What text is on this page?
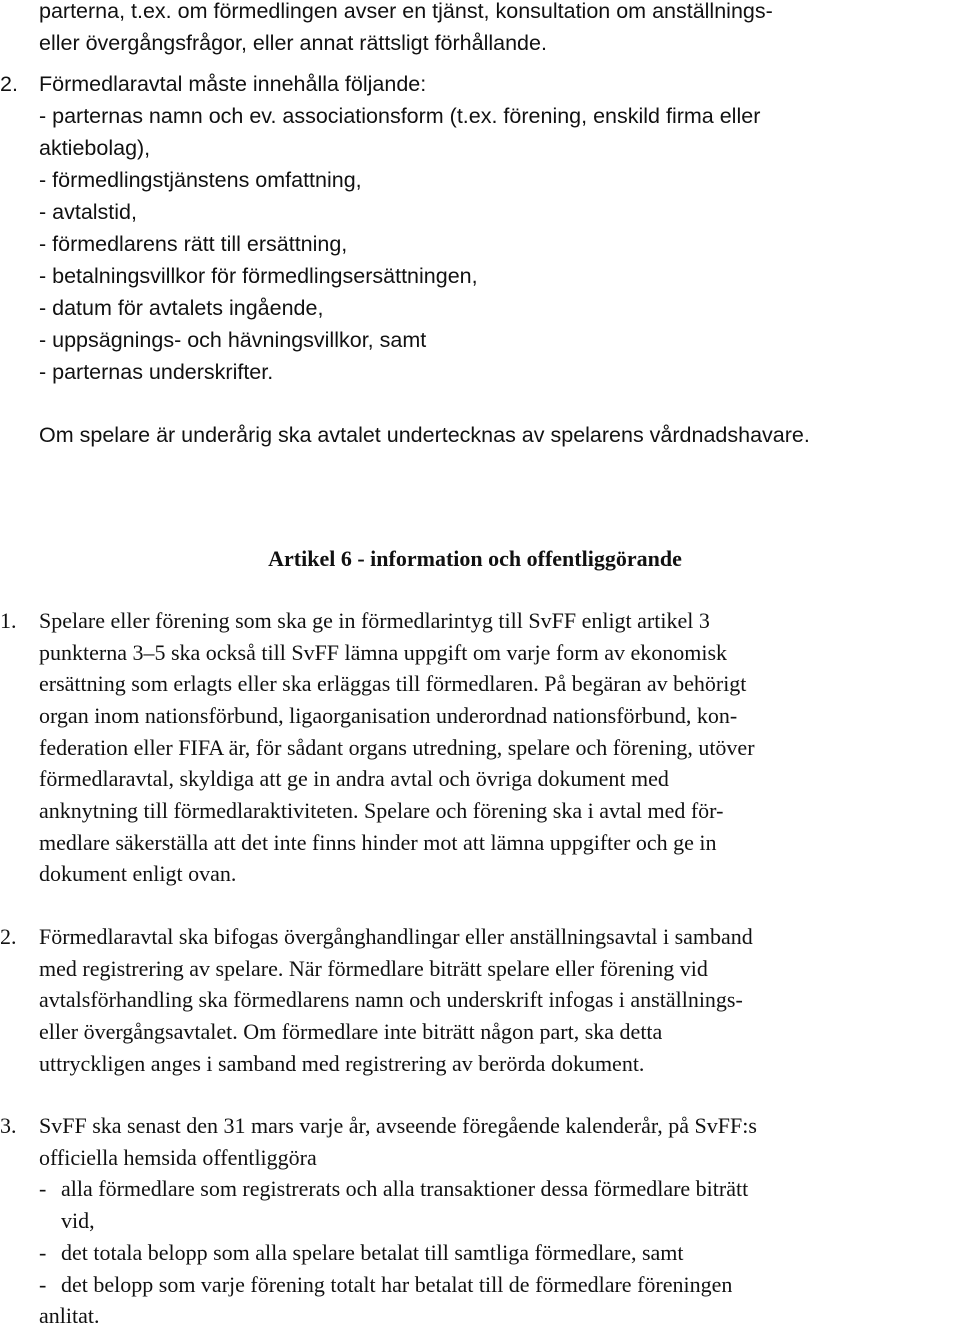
parterna, t.ex. om förmedlingen avser en tjänst, konsultation om anställnings-
eller övergångsfrågor, eller annat rättsligt förhållande.
2. Förmedlaravtal måste innehålla följande:
- parternas namn och ev. associationsform (t.ex. förening, enskild firma eller
aktiebolag),
- förmedlingstjänstens omfattning,
- avtalstid,
- förmedlarens rätt till ersättning,
- betalningsvillkor för förmedlingsersättningen,
- datum för avtalets ingående,
- uppsägnings- och hävningsvillkor, samt
- parternas underskrifter.
Om spelare är underårig ska avtalet undertecknas av spelarens vårdnadshavare.
Artikel 6 - information och offentliggörande
1. Spelare eller förening som ska ge in förmedlarintyg till SvFF enligt artikel 3
punkterna 3–5 ska också till SvFF lämna uppgift om varje form av ekonomisk
ersättning som erlagts eller ska erläggas till förmedlaren. På begäran av behörigt
organ inom nationsförbund, ligaorganisation underordnad nationsförbund, kon-
federation eller FIFA är, för sådant organs utredning, spelare och förening, utöver
förmedlaravtal, skyldiga att ge in andra avtal och övriga dokument med
anknytning till förmedlaraktiviteten. Spelare och förening ska i avtal med för-
medlare säkerställa att det inte finns hinder mot att lämna uppgifter och ge in
dokument enligt ovan.
2. Förmedlaravtal ska bifogas övergånghandlingar eller anställningsavtal i samband
med registrering av spelare. När förmedlare biträtt spelare eller förening vid
avtalsförhandling ska förmedlarens namn och underskrift infogas i anställnings-
eller övergångsavtalet. Om förmedlare inte biträtt någon part, ska detta
uttryckligen anges i samband med registrering av berörda dokument.
3. SvFF ska senast den 31 mars varje år, avseende föregående kalenderår, på SvFF:s
officiella hemsida offentliggöra
- alla förmedlare som registrerats och alla transaktioner dessa förmedlare biträtt
vid,
- det totala belopp som alla spelare betalat till samtliga förmedlare, samt
- det belopp som varje förening totalt har betalat till de förmedlare föreningen
anlitat.
